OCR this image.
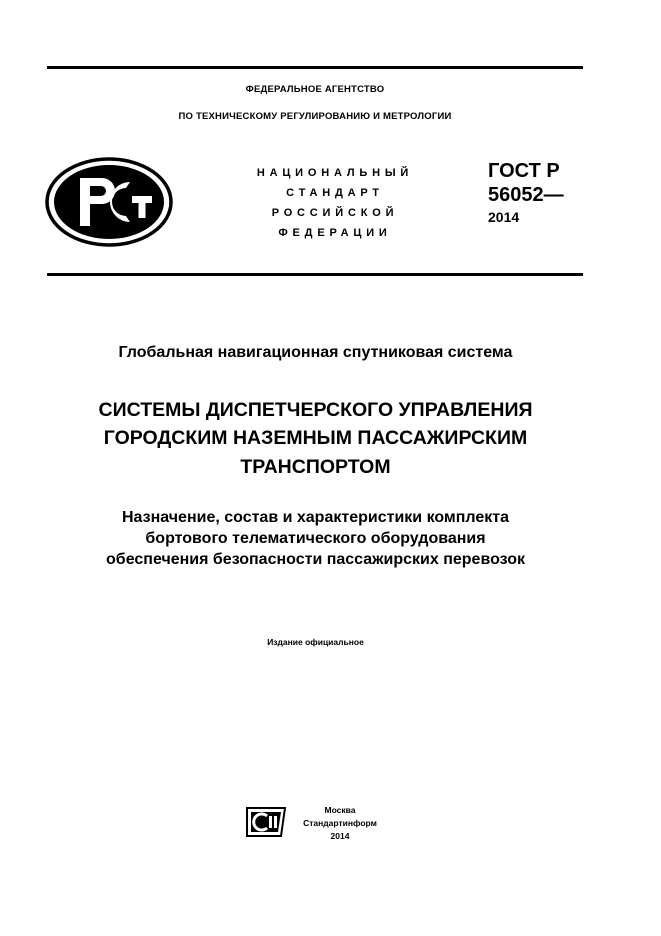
ФЕДЕРАЛЬНОЕ АГЕНТСТВО
ПО ТЕХНИЧЕСКОМУ РЕГУЛИРОВАНИЮ И МЕТРОЛОГИИ
НАЦИОНАЛЬНЫЙ
СТАНДАРТ
РОССИЙСКОЙ
ФЕДЕРАЦИИ
ГОСТ Р
56052—
2014
Глобальная навигационная спутниковая система
СИСТЕМЫ ДИСПЕТЧЕРСКОГО УПРАВЛЕНИЯ
ГОРОДСКИМ НАЗЕМНЫМ ПАССАЖИРСКИМ
ТРАНСПОРТОМ
Назначение, состав и характеристики комплекта
бортового телематического оборудования
обеспечения безопасности пассажирских перевозок
Издание официальное
Москва
Стандартинформ
2014
